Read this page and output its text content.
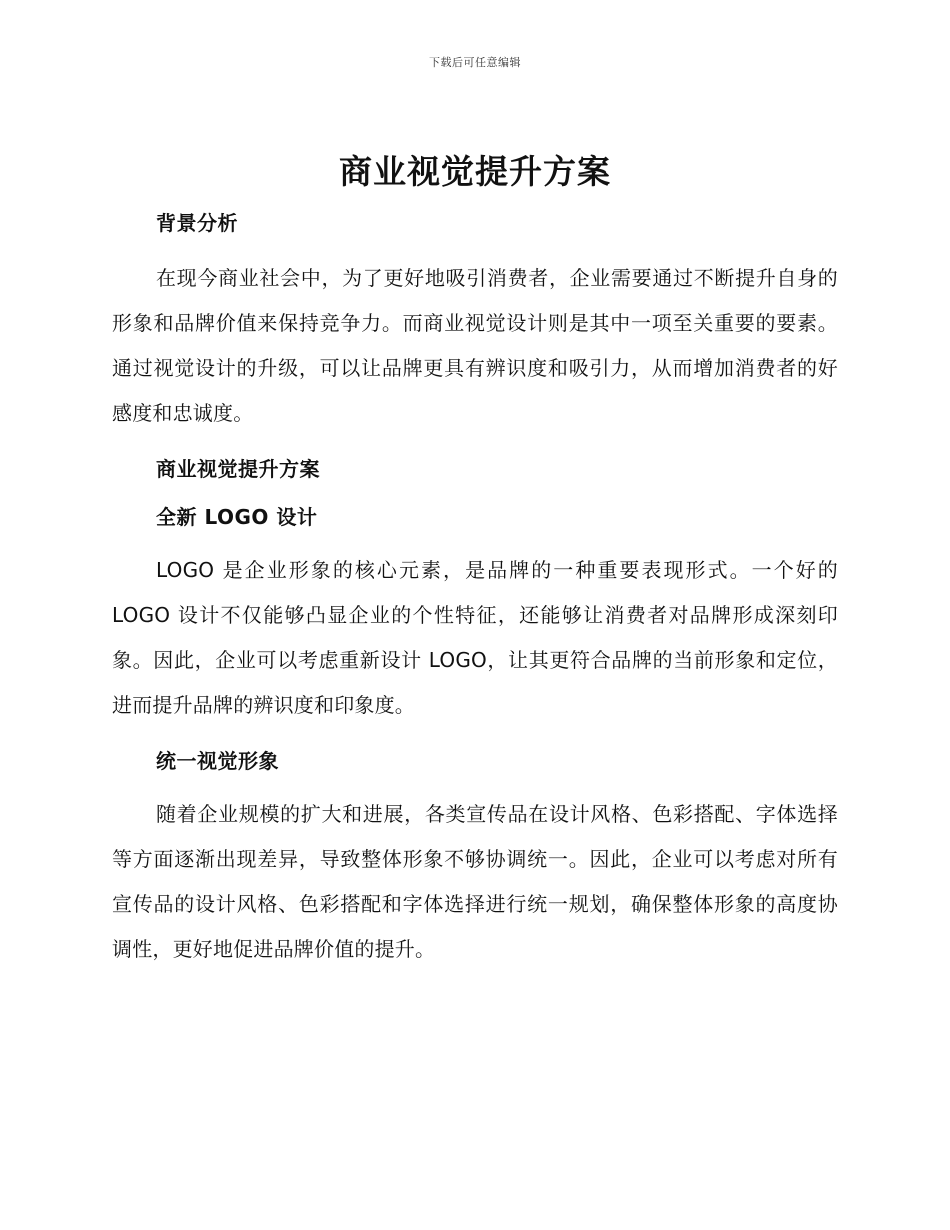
下载后可任意编辑
商业视觉提升方案
背景分析

在现今商业社会中，为了更好地吸引消费者，企业需要通过不断提升自身的形象和品牌价值来保持竞争力。而商业视觉设计则是其中一项至关重要的要素。通过视觉设计的升级，可以让品牌更具有辨识度和吸引力，从而增加消费者的好感度和忠诚度。

商业视觉提升方案
全新 LOGO 设计

LOGO 是企业形象的核心元素，是品牌的一种重要表现形式。一个好的 LOGO 设计不仅能够凸显企业的个性特征，还能够让消费者对品牌形成深刻印象。因此，企业可以考虑重新设计 LOGO，让其更符合品牌的当前形象和定位，进而提升品牌的辨识度和印象度。

统一视觉形象

随着企业规模的扩大和进展，各类宣传品在设计风格、色彩搭配、字体选择等方面逐渐出现差异，导致整体形象不够协调统一。因此，企业可以考虑对所有宣传品的设计风格、色彩搭配和字体选择进行统一规划，确保整体形象的高度协调性，更好地促进品牌价值的提升。
